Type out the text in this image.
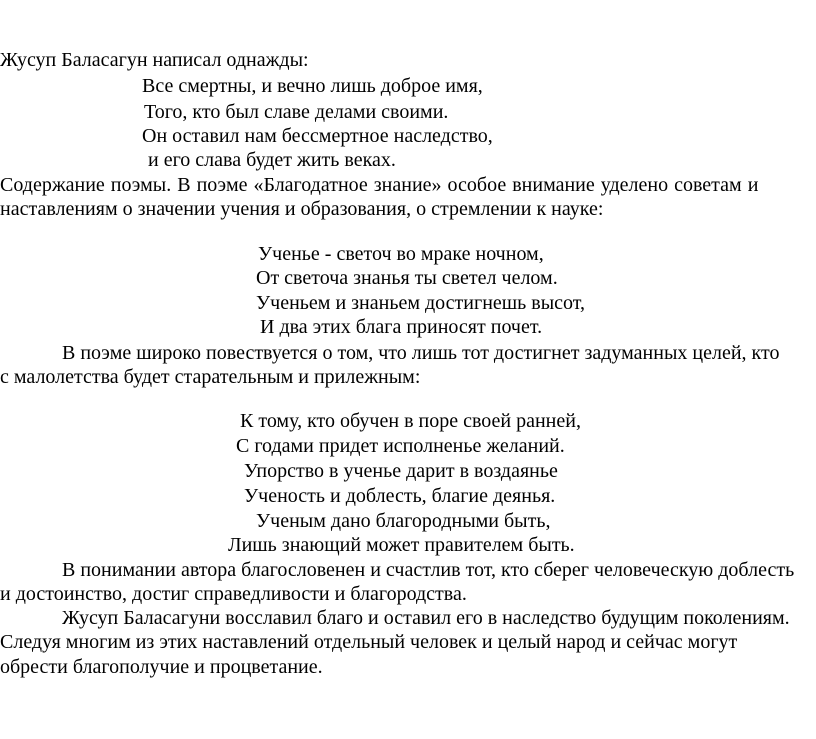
Жусуп Баласагун написал однажды:
Все смертны, и вечно лишь доброе имя,
Того, кто был славе делами своими.
Он оставил нам бессмертное наследство,
и его слава будет жить веках.
Содержание поэмы. В поэме «Благодатное знание» особое внимание уделено советам и
наставлениям о значении учения и образования, о стремлении к науке:
Ученье - светоч во мраке ночном,
От светоча знанья ты светел челом.
Ученьем и знаньем достигнешь высот,
И два этих блага приносят почет.
В поэме широко повествуется о том, что лишь тот достигнет задуманных целей, кто
с малолетства будет старательным и прилежным:
К тому, кто обучен в поре своей ранней,
С годами придет исполненье желаний.
Упорство в ученье дарит в воздаянье
Ученость и доблесть, благие деянья.
Ученым дано благородными быть,
Лишь знающий может правителем быть.
В понимании автора благословенен и счастлив тот, кто сберег человеческую доблесть
и достоинство, достиг справедливости и благородства.
Жусуп Баласагуни восславил благо и оставил его в наследство будущим поколениям.
Следуя многим из этих наставлений отдельный человек и целый народ и сейчас могут
обрести благополучие и процветание.
